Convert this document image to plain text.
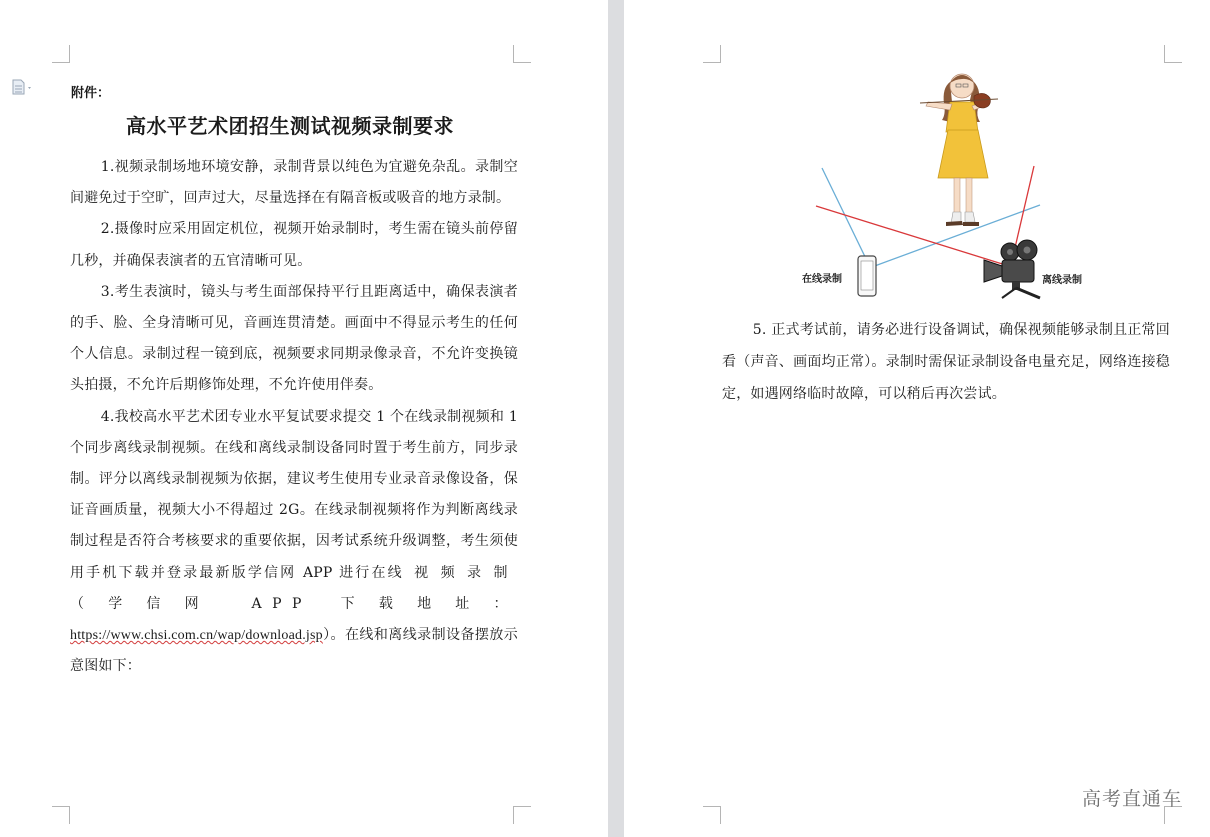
附件：
高水平艺术团招生测试视频录制要求

1.视频录制场地环境安静，录制背景以纯色为宜避免杂乱。录制空间避免过于空旷，回声过大，尽量选择在有隔音板或吸音的地方录制。

2.摄像时应采用固定机位，视频开始录制时，考生需在镜头前停留几秒，并确保表演者的五官清晰可见。

3.考生表演时，镜头与考生面部保持平行且距离适中，确保表演者的手、脸、全身清晰可见，音画连贯清楚。画面中不得显示考生的任何个人信息。录制过程一镜到底，视频要求同期录像录音，不允许变换镜头拍摄，不允许后期修饰处理，不允许使用伴奏。

4.我校高水平艺术团专业水平复试要求提交 1 个在线录制视频和 1 个同步离线录制视频。在线和离线录制设备同时置于考生前方，同步录制。评分以离线录制视频为依据，建议考生使用专业录音录像设备，保证音画质量，视频大小不得超过 2G。在线录制视频将作为判断离线录制过程是否符合考核要求的重要依据，因考试系统升级调整，考生须使用手机下载并登录最新版学信网 APP 进行在线视频录制（学信网 APP 下载地址：https://www.chsi.com.cn/wap/download.jsp）。在线和离线录制设备摆放示意图如下：

在线录制	离线录制

5. 正式考试前，请务必进行设备调试，确保视频能够录制且正常回看（声音、画面均正常）。录制时需保证录制设备电量充足，网络连接稳定，如遇网络临时故障，可以稍后再次尝试。

高考直通车
